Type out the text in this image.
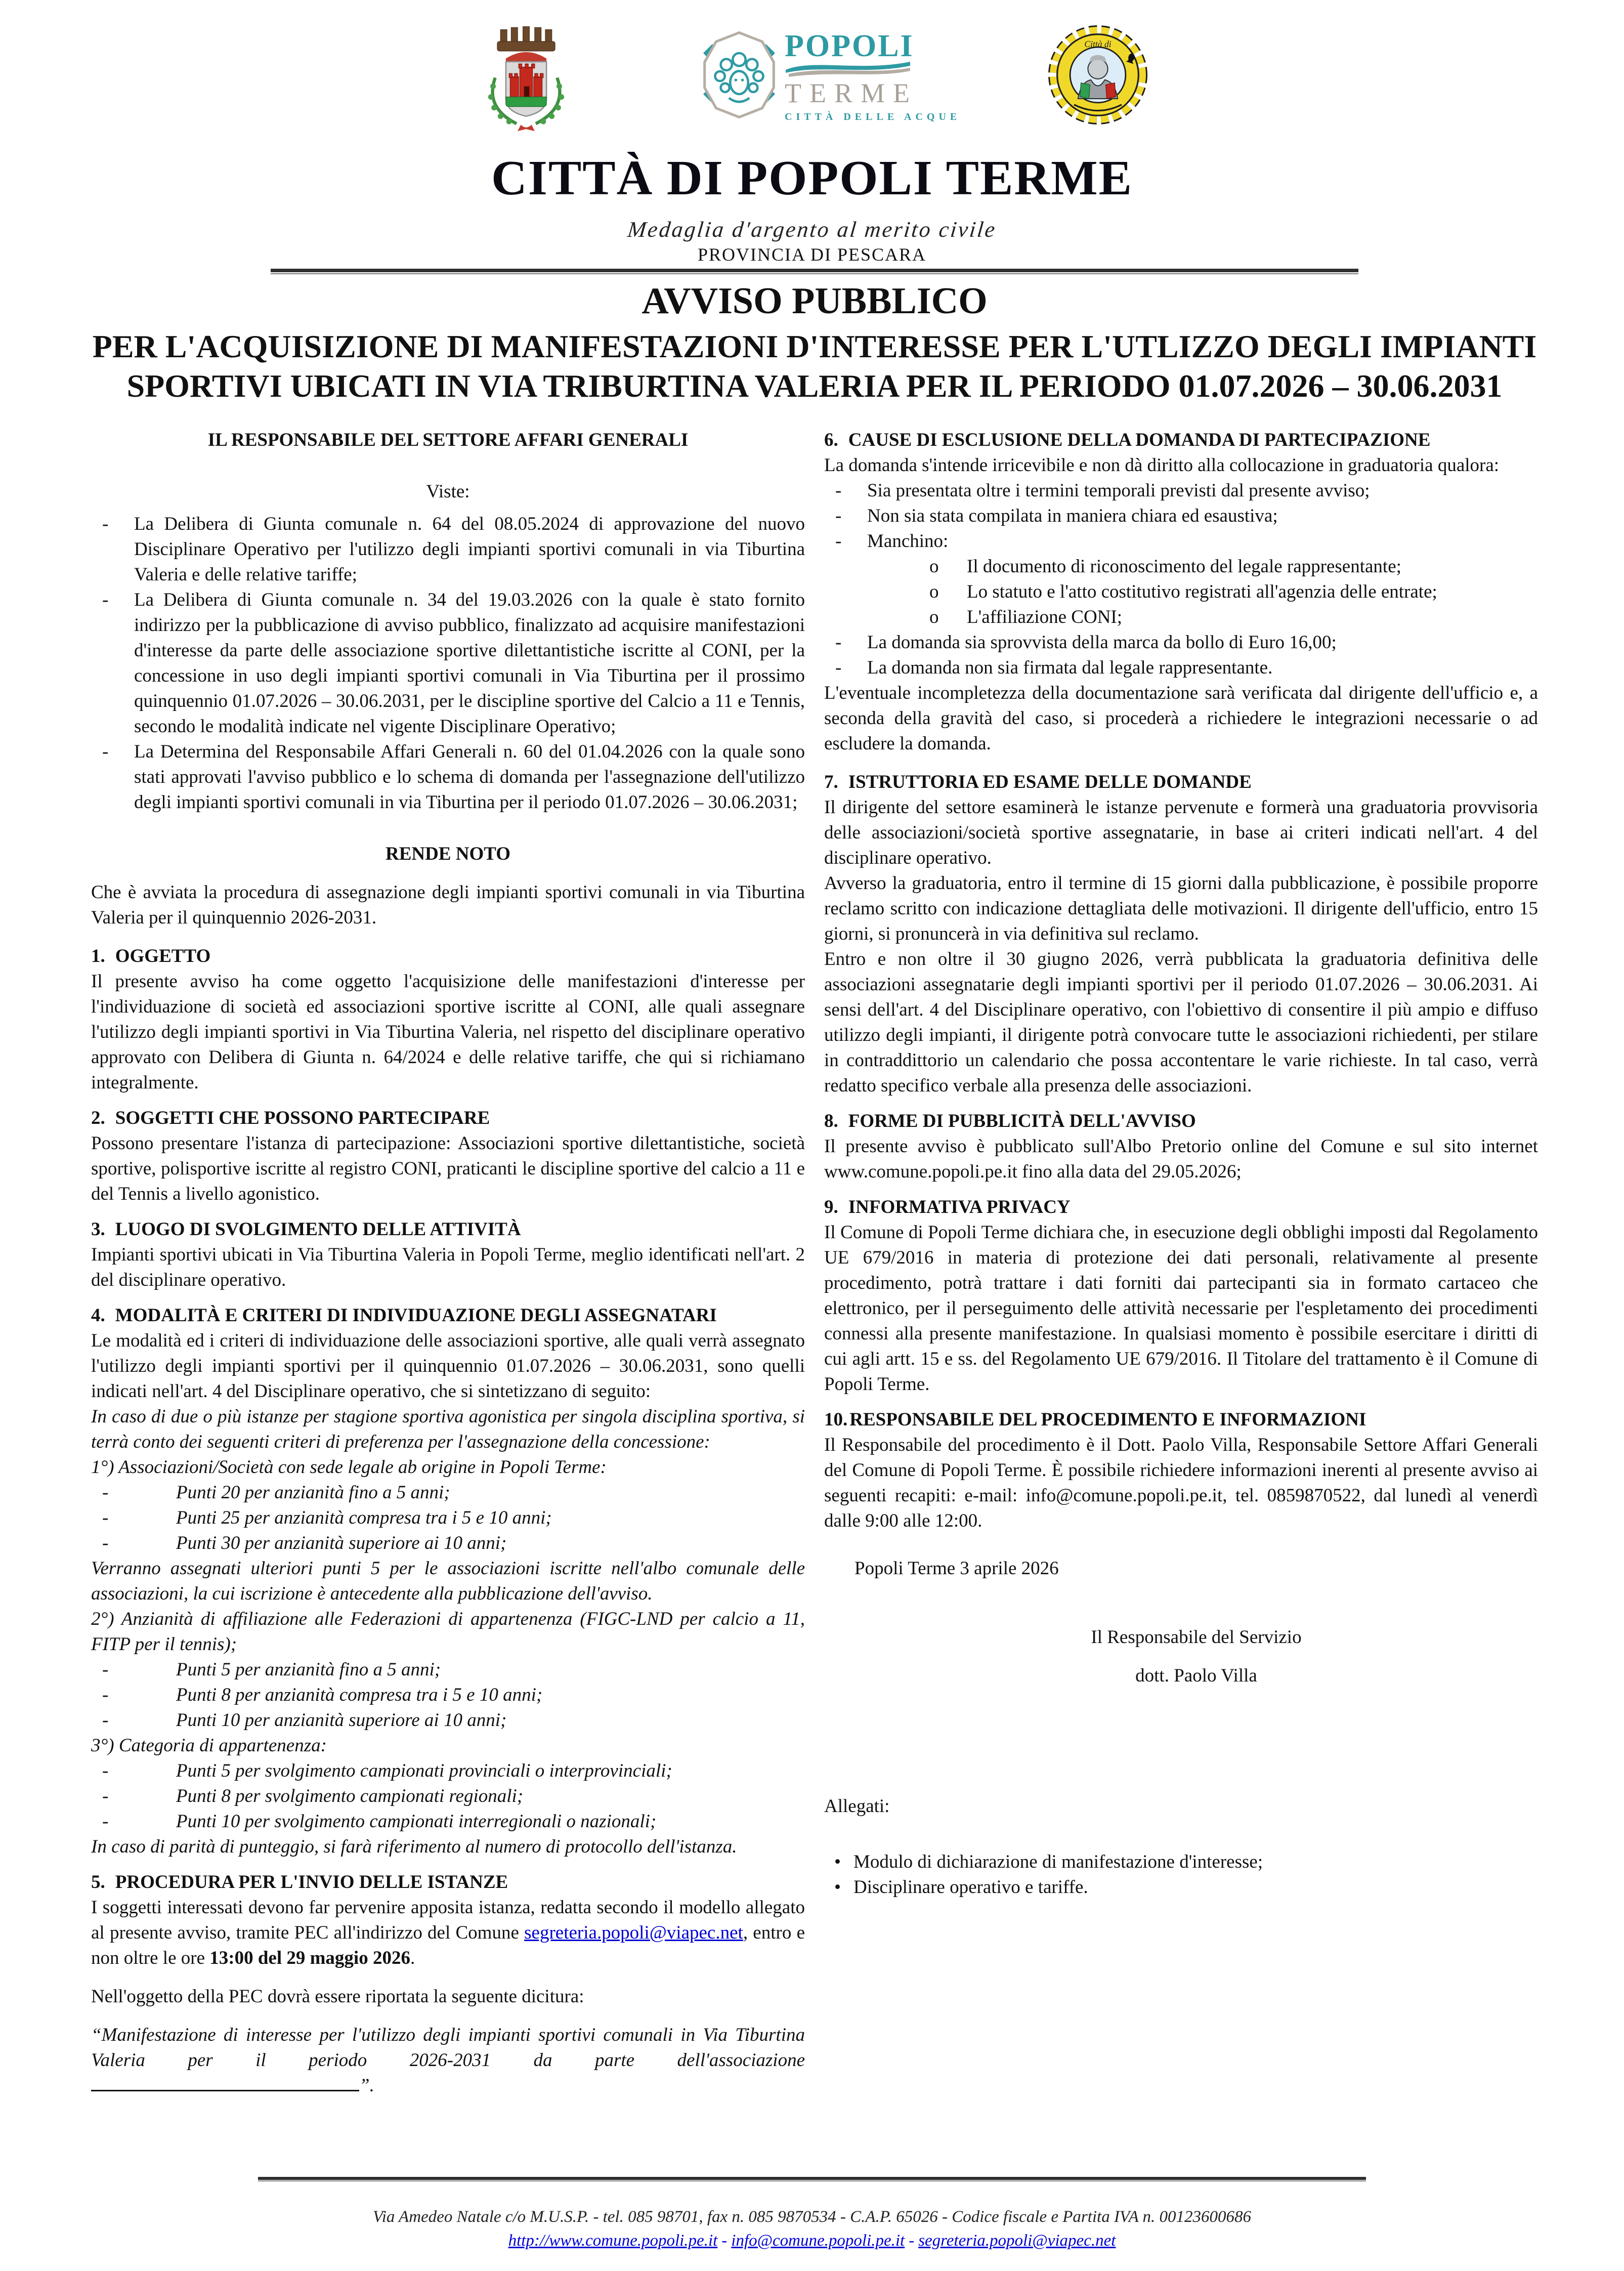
POPOLI
TERME
CITTÀ DELLE ACQUE
Città di
CITTÀ DI POPOLI TERME
Medaglia d'argento al merito civile
PROVINCIA DI PESCARA
AVVISO PUBBLICO
PER L'ACQUISIZIONE DI MANIFESTAZIONI D'INTERESSE PER L'UTLIZZO DEGLI IMPIANTI
SPORTIVI UBICATI IN VIA TRIBURTINA VALERIA PER IL PERIODO 01.07.2026 – 30.06.2031

IL RESPONSABILE DEL SETTORE AFFARI GENERALI

Viste:

- La Delibera di Giunta comunale n. 64 del 08.05.2024 di approvazione del nuovo Disciplinare Operativo per l'utilizzo degli impianti sportivi comunali in via Tiburtina Valeria e delle relative tariffe;

- La Delibera di Giunta comunale n. 34 del 19.03.2026 con la quale è stato fornito indirizzo per la pubblicazione di avviso pubblico, finalizzato ad acquisire manifestazioni d'interesse da parte delle associazione sportive dilettantistiche iscritte al CONI, per la concessione in uso degli impianti sportivi comunali in Via Tiburtina per il prossimo quinquennio 01.07.2026 – 30.06.2031, per le discipline sportive del Calcio a 11 e Tennis, secondo le modalità indicate nel vigente Disciplinare Operativo;

- La Determina del Responsabile Affari Generali n. 60 del 01.04.2026 con la quale sono stati approvati l'avviso pubblico e lo schema di domanda per l'assegnazione dell'utilizzo degli impianti sportivi comunali in via Tiburtina per il periodo 01.07.2026 – 30.06.2031;

RENDE NOTO

Che è avviata la procedura di assegnazione degli impianti sportivi comunali in via Tiburtina Valeria per il quinquennio 2026-2031.

1. OGGETTO

Il presente avviso ha come oggetto l'acquisizione delle manifestazioni d'interesse per l'individuazione di società ed associazioni sportive iscritte al CONI, alle quali assegnare l'utilizzo degli impianti sportivi in Via Tiburtina Valeria, nel rispetto del disciplinare operativo approvato con Delibera di Giunta n. 64/2024 e delle relative tariffe, che qui si richiamano integralmente.

2. SOGGETTI CHE POSSONO PARTECIPARE

Possono presentare l'istanza di partecipazione: Associazioni sportive dilettantistiche, società sportive, polisportive iscritte al registro CONI, praticanti le discipline sportive del calcio a 11 e del Tennis a livello agonistico.

3. LUOGO DI SVOLGIMENTO DELLE ATTIVITÀ

Impianti sportivi ubicati in Via Tiburtina Valeria in Popoli Terme, meglio identificati nell'art. 2 del disciplinare operativo.

4. MODALITÀ E CRITERI DI INDIVIDUAZIONE DEGLI ASSEGNATARI

Le modalità ed i criteri di individuazione delle associazioni sportive, alle quali verrà assegnato l'utilizzo degli impianti sportivi per il quinquennio 01.07.2026 – 30.06.2031, sono quelli indicati nell'art. 4 del Disciplinare operativo, che si sintetizzano di seguito:

In caso di due o più istanze per stagione sportiva agonistica per singola disciplina sportiva, si terrà conto dei seguenti criteri di preferenza per l'assegnazione della concessione:

1°) Associazioni/Società con sede legale ab origine in Popoli Terme:

-	Punti 20 per anzianità fino a 5 anni;

-	Punti 25 per anzianità compresa tra i 5 e 10 anni;

-	Punti 30 per anzianità superiore ai 10 anni;

Verranno assegnati ulteriori punti 5 per le associazioni iscritte nell'albo comunale delle associazioni, la cui iscrizione è antecedente alla pubblicazione dell'avviso.

2°) Anzianità di affiliazione alle Federazioni di appartenenza (FIGC-LND per calcio a 11, FITP per il tennis);

-	Punti 5 per anzianità fino a 5 anni;

-	Punti 8 per anzianità compresa tra i 5 e 10 anni;

-	Punti 10 per anzianità superiore ai 10 anni;

3°) Categoria di appartenenza:

-	Punti 5 per svolgimento campionati provinciali o interprovinciali;

-	Punti 8 per svolgimento campionati regionali;

-	Punti 10 per svolgimento campionati interregionali o nazionali;

In caso di parità di punteggio, si farà riferimento al numero di protocollo dell'istanza.

5. PROCEDURA PER L'INVIO DELLE ISTANZE

I soggetti interessati devono far pervenire apposita istanza, redatta secondo il modello allegato al presente avviso, tramite PEC all'indirizzo del Comune segreteria.popoli@viapec.net, entro e non oltre le ore 13:00 del 29 maggio 2026.

Nell'oggetto della PEC dovrà essere riportata la seguente dicitura:

“Manifestazione di interesse per l'utilizzo degli impianti sportivi comunali in Via Tiburtina Valeria per il periodo 2026-2031 da parte dell'associazione ”.

6. CAUSE DI ESCLUSIONE DELLA DOMANDA DI PARTECIPAZIONE

La domanda s'intende irricevibile e non dà diritto alla collocazione in graduatoria qualora:

- Sia presentata oltre i termini temporali previsti dal presente avviso;

- Non sia stata compilata in maniera chiara ed esaustiva;

- Manchino:

o Il documento di riconoscimento del legale rappresentante;

o Lo statuto e l'atto costitutivo registrati all'agenzia delle entrate;

o L'affiliazione CONI;

- La domanda sia sprovvista della marca da bollo di Euro 16,00;

- La domanda non sia firmata dal legale rappresentante.

L'eventuale incompletezza della documentazione sarà verificata dal dirigente dell'ufficio e, a seconda della gravità del caso, si procederà a richiedere le integrazioni necessarie o ad escludere la domanda.

7. ISTRUTTORIA ED ESAME DELLE DOMANDE

Il dirigente del settore esaminerà le istanze pervenute e formerà una graduatoria provvisoria delle associazioni/società sportive assegnatarie, in base ai criteri indicati nell'art. 4 del disciplinare operativo.

Avverso la graduatoria, entro il termine di 15 giorni dalla pubblicazione, è possibile proporre reclamo scritto con indicazione dettagliata delle motivazioni. Il dirigente dell'ufficio, entro 15 giorni, si pronuncerà in via definitiva sul reclamo.

Entro e non oltre il 30 giugno 2026, verrà pubblicata la graduatoria definitiva delle associazioni assegnatarie degli impianti sportivi per il periodo 01.07.2026 – 30.06.2031. Ai sensi dell'art. 4 del Disciplinare operativo, con l'obiettivo di consentire il più ampio e diffuso utilizzo degli impianti, il dirigente potrà convocare tutte le associazioni richiedenti, per stilare in contraddittorio un calendario che possa accontentare le varie richieste. In tal caso, verrà redatto specifico verbale alla presenza delle associazioni.

8. FORME DI PUBBLICITÀ DELL'AVVISO

Il presente avviso è pubblicato sull'Albo Pretorio online del Comune e sul sito internet www.comune.popoli.pe.it fino alla data del 29.05.2026;

9. INFORMATIVA PRIVACY

Il Comune di Popoli Terme dichiara che, in esecuzione degli obblighi imposti dal Regolamento UE 679/2016 in materia di protezione dei dati personali, relativamente al presente procedimento, potrà trattare i dati forniti dai partecipanti sia in formato cartaceo che elettronico, per il perseguimento delle attività necessarie per l'espletamento dei procedimenti connessi alla presente manifestazione. In qualsiasi momento è possibile esercitare i diritti di cui agli artt. 15 e ss. del Regolamento UE 679/2016. Il Titolare del trattamento è il Comune di Popoli Terme.

10. RESPONSABILE DEL PROCEDIMENTO E INFORMAZIONI

Il Responsabile del procedimento è il Dott. Paolo Villa, Responsabile Settore Affari Generali del Comune di Popoli Terme. È possibile richiedere informazioni inerenti al presente avviso ai seguenti recapiti: e-mail: info@comune.popoli.pe.it, tel. 0859870522, dal lunedì al venerdì dalle 9:00 alle 12:00.

Popoli Terme 3 aprile 2026

Il Responsabile del Servizio

dott. Paolo Villa

Allegati:

• Modulo di dichiarazione di manifestazione d'interesse;

• Disciplinare operativo e tariffe.

Via Amedeo Natale c/o M.U.S.P. - tel. 085 98701, fax n. 085 9870534 - C.A.P. 65026 - Codice fiscale e Partita IVA n. 00123600686
http://www.comune.popoli.pe.it - info@comune.popoli.pe.it - segreteria.popoli@viapec.net
